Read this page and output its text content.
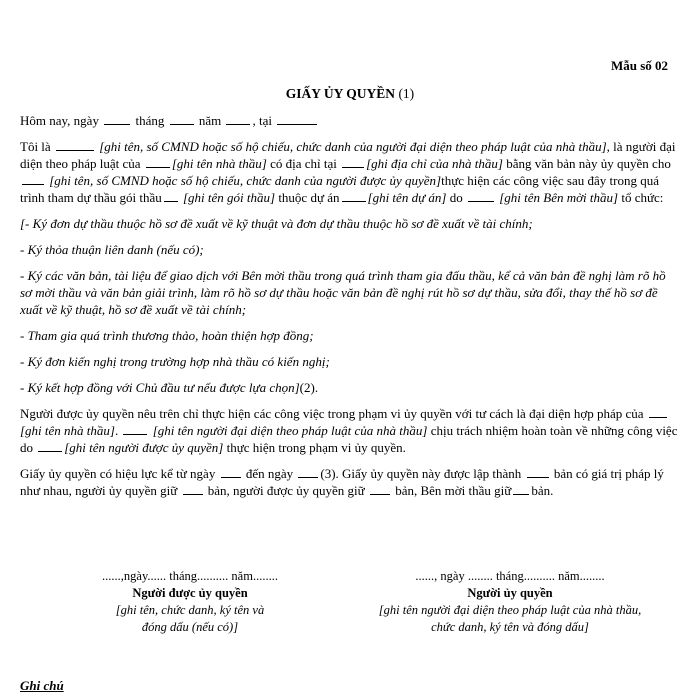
Mẫu số 02
GIẤY ỦY QUYỀN (1)

Hôm nay, ngày  tháng  năm , tại

Tôi là	[ghi tên, số CMND hoặc số hộ chiếu, chức danh của người đại diện theo pháp luật của nhà thầu], là người đại diện theo pháp luật của [ghi tên nhà thầu] có địa chỉ tại [ghi địa chỉ của nhà thầu] bằng văn bản này ủy quyền cho  [ghi tên, số CMND hoặc số hộ chiếu, chức danh của người được ủy quyền]thực hiện các công việc sau đây trong quá trình tham dự thầu gói thầu [ghi tên gói thầu] thuộc dự án [ghi tên dự án] do	[ghi tên Bên mời thầu] tổ chức:

[- Ký đơn dự thầu thuộc hồ sơ đề xuất về kỹ thuật và đơn dự thầu thuộc hồ sơ đề xuất về tài chính;

- Ký thỏa thuận liên danh (nếu có);

- Ký các văn bản, tài liệu để giao dịch với Bên mời thầu trong quá trình tham gia đấu thầu, kể cả văn bản đề nghị làm rõ hồ sơ mời thầu và văn bản giải trình, làm rõ hồ sơ dự thầu hoặc văn bản đề nghị rút hồ sơ dự thầu, sửa đổi, thay thế hồ sơ đề xuất về kỹ thuật, hồ sơ đề xuất về tài chính;

- Tham gia quá trình thương thảo, hoàn thiện hợp đồng;

- Ký đơn kiến nghị trong trường hợp nhà thầu có kiến nghị;

- Ký kết hợp đồng với Chủ đầu tư nếu được lựa chọn](2).

Người được ủy quyền nêu trên chỉ thực hiện các công việc trong phạm vi ủy quyền với tư cách là đại diện hợp pháp của [ghi tên nhà thầu].  [ghi tên người đại diện theo pháp luật của nhà thầu] chịu trách nhiệm hoàn toàn về những công việc do [ghi tên người được ủy quyền] thực hiện trong phạm vi ủy quyền.

Giấy ủy quyền có hiệu lực kể từ ngày  đến ngày (3). Giấy ủy quyền này được lập thành  bản có giá trị pháp lý như nhau, người ủy quyền giữ  bản, người được ủy quyền giữ  bản, Bên mời thầu giữ bản.

......,ngày...... tháng.......... năm........
Người được ủy quyền
[ghi tên, chức danh, ký tên và
đóng dấu (nếu có)]
......, ngày ........ tháng.......... năm........
Người ủy quyền
[ghi tên người đại diện theo pháp luật của nhà thầu,
chức danh, ký tên và đóng dấu]
Ghi chú
